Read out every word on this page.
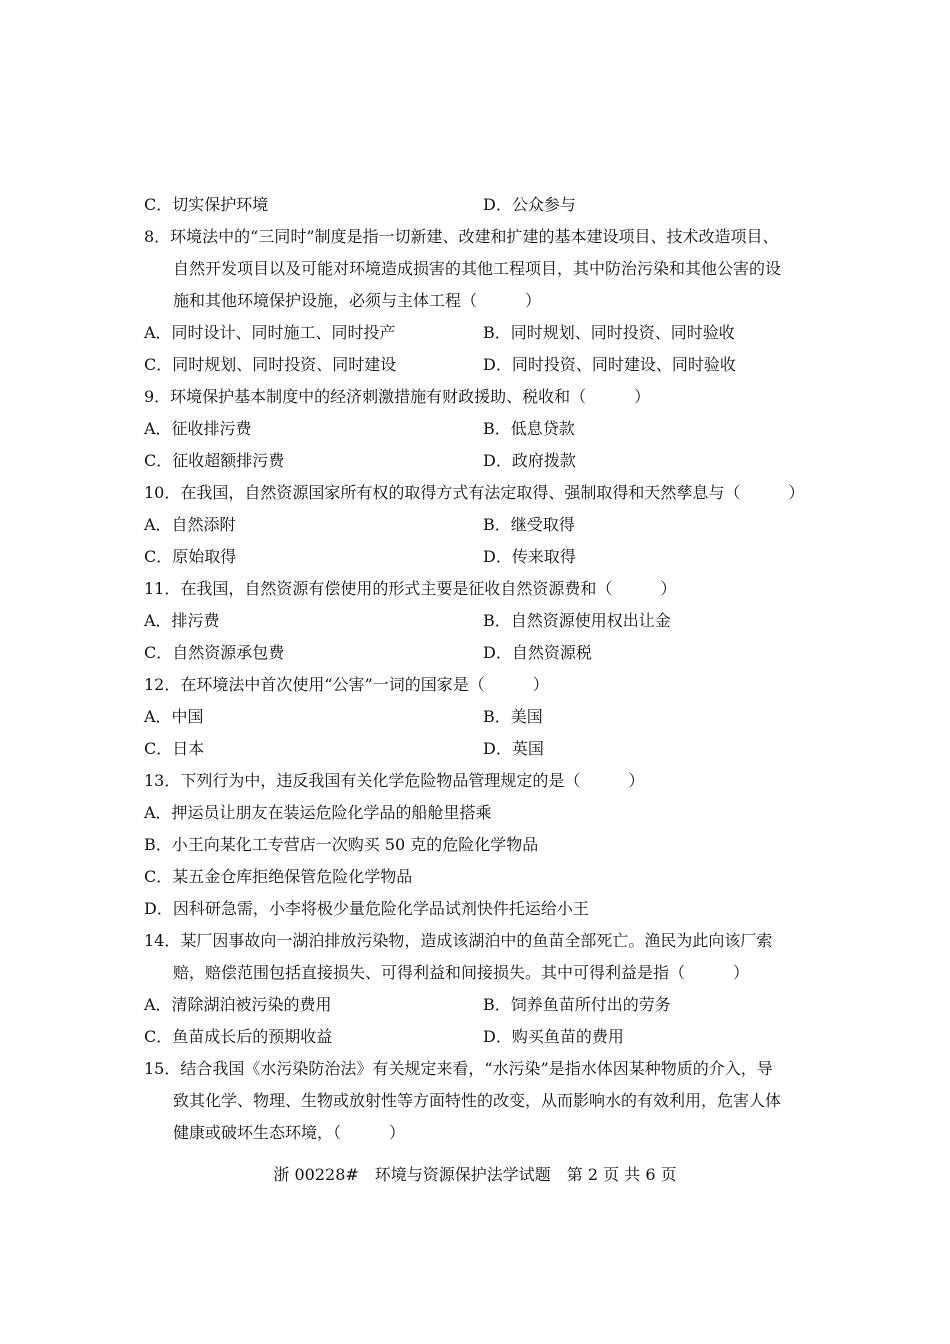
C．切实保护环境	D．公众参与
8．环境法中的“三同时”制度是指一切新建、改建和扩建的基本建设项目、技术改造项目、
自然开发项目以及可能对环境造成损害的其他工程项目，其中防治污染和其他公害的设
施和其他环境保护设施，必须与主体工程（　　　）
A．同时设计、同时施工、同时投产	B．同时规划、同时投资、同时验收
C．同时规划、同时投资、同时建设	D．同时投资、同时建设、同时验收
9．环境保护基本制度中的经济刺激措施有财政援助、税收和（　　　）
A．征收排污费	B．低息贷款
C．征收超额排污费	D．政府拨款
10．在我国，自然资源国家所有权的取得方式有法定取得、强制取得和天然孳息与（　　　）
A．自然添附	B．继受取得
C．原始取得	D．传来取得
11．在我国，自然资源有偿使用的形式主要是征收自然资源费和（　　　）
A．排污费	B．自然资源使用权出让金
C．自然资源承包费	D．自然资源税
12．在环境法中首次使用“公害”一词的国家是（　　　）
A．中国	B．美国
C．日本	D．英国
13．下列行为中，违反我国有关化学危险物品管理规定的是（　　　）
A．押运员让朋友在装运危险化学品的船舱里搭乘
B．小王向某化工专营店一次购买 50 克的危险化学物品
C．某五金仓库拒绝保管危险化学物品
D．因科研急需，小李将极少量危险化学品试剂快件托运给小王
14．某厂因事故向一湖泊排放污染物，造成该湖泊中的鱼苗全部死亡。渔民为此向该厂索
赔，赔偿范围包括直接损失、可得利益和间接损失。其中可得利益是指（　　　）
A．清除湖泊被污染的费用	B．饲养鱼苗所付出的劳务
C．鱼苗成长后的预期收益	D．购买鱼苗的费用
15．结合我国《水污染防治法》有关规定来看，“水污染”是指水体因某种物质的介入，导
致其化学、物理、生物或放射性等方面特性的改变，从而影响水的有效利用，危害人体
健康或破坏生态环境，（　　　）
浙 00228#　环境与资源保护法学试题　第 2 页 共 6 页
